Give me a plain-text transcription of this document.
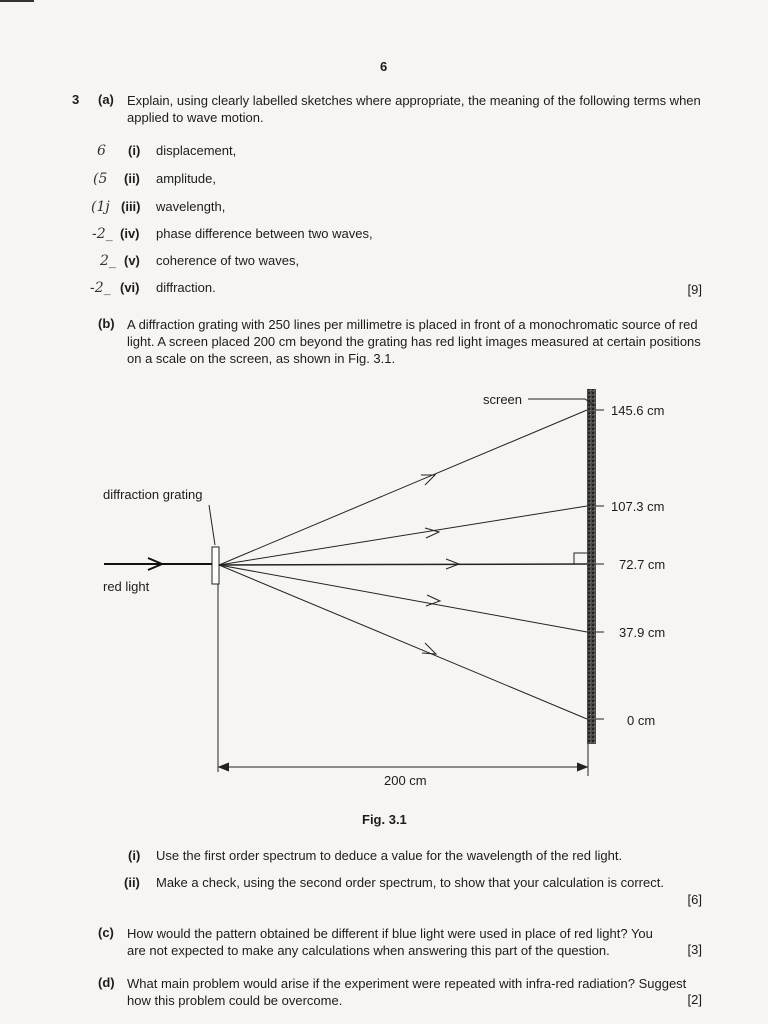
6
3 (a) Explain, using clearly labelled sketches where appropriate, the meaning of the following terms when applied to wave motion.
6 (i) displacement,
(5 (ii) amplitude,
(1j (iii) wavelength,
-2_ (iv) phase difference between two waves,
2_ (v) coherence of two waves,
-2_ (vi) diffraction.	[9]
(b) A diffraction grating with 250 lines per millimetre is placed in front of a monochromatic source of red light. A screen placed 200 cm beyond the grating has red light images measured at certain positions on a scale on the screen, as shown in Fig. 3.1.
145.6 cm
107.3 cm
72.7 cm
37.9 cm
0 cm
screen
red light
diffraction grating
200 cm
Fig. 3.1
(i) Use the first order spectrum to deduce a value for the wavelength of the red light.
(ii) Make a check, using the second order spectrum, to show that your calculation is correct.
[6]
(c) How would the pattern obtained be different if blue light were used in place of red light? You are not expected to make any calculations when answering this part of the question.	[3]
(d) What main problem would arise if the experiment were repeated with infra-red radiation? Suggest how this problem could be overcome.	[2]
